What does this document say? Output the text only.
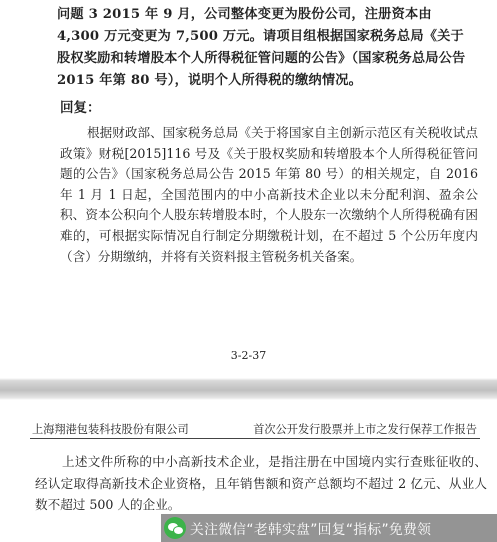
问题 3 2015 年 9 月，公司整体变更为股份公司，注册资本由 4,300 万元变更为 7,500 万元。请项目组根据国家税务总局《关于股权奖励和转增股本个人所得税征管问题的公告》（国家税务总局公告 2015 年第 80 号），说明个人所得税的缴纳情况。
回复：
根据财政部、国家税务总局《关于将国家自主创新示范区有关税收试点政策》财税[2015]116 号及《关于股权奖励和转增股本个人所得税征管问题的公告》（国家税务总局公告 2015 年第 80 号）的相关规定，自 2016 年 1 月 1 日起，全国范围内的中小高新技术企业以未分配利润、盈余公积、资本公积向个人股东转增股本时，个人股东一次缴纳个人所得税确有困难的，可根据实际情况自行制定分期缴税计划，在不超过 5 个公历年度内（含）分期缴纳，并将有关资料报主管税务机关备案。
3-2-37
上海翔港包装科技股份有限公司	首次公开发行股票并上市之发行保荐工作报告
上述文件所称的中小高新技术企业，是指注册在中国境内实行查账征收的、经认定取得高新技术企业资格，且年销售额和资产总额均不超过 2 亿元、从业人数不超过 500 人的企业。
关注微信“老韩实盘”回复“指标”免费领
